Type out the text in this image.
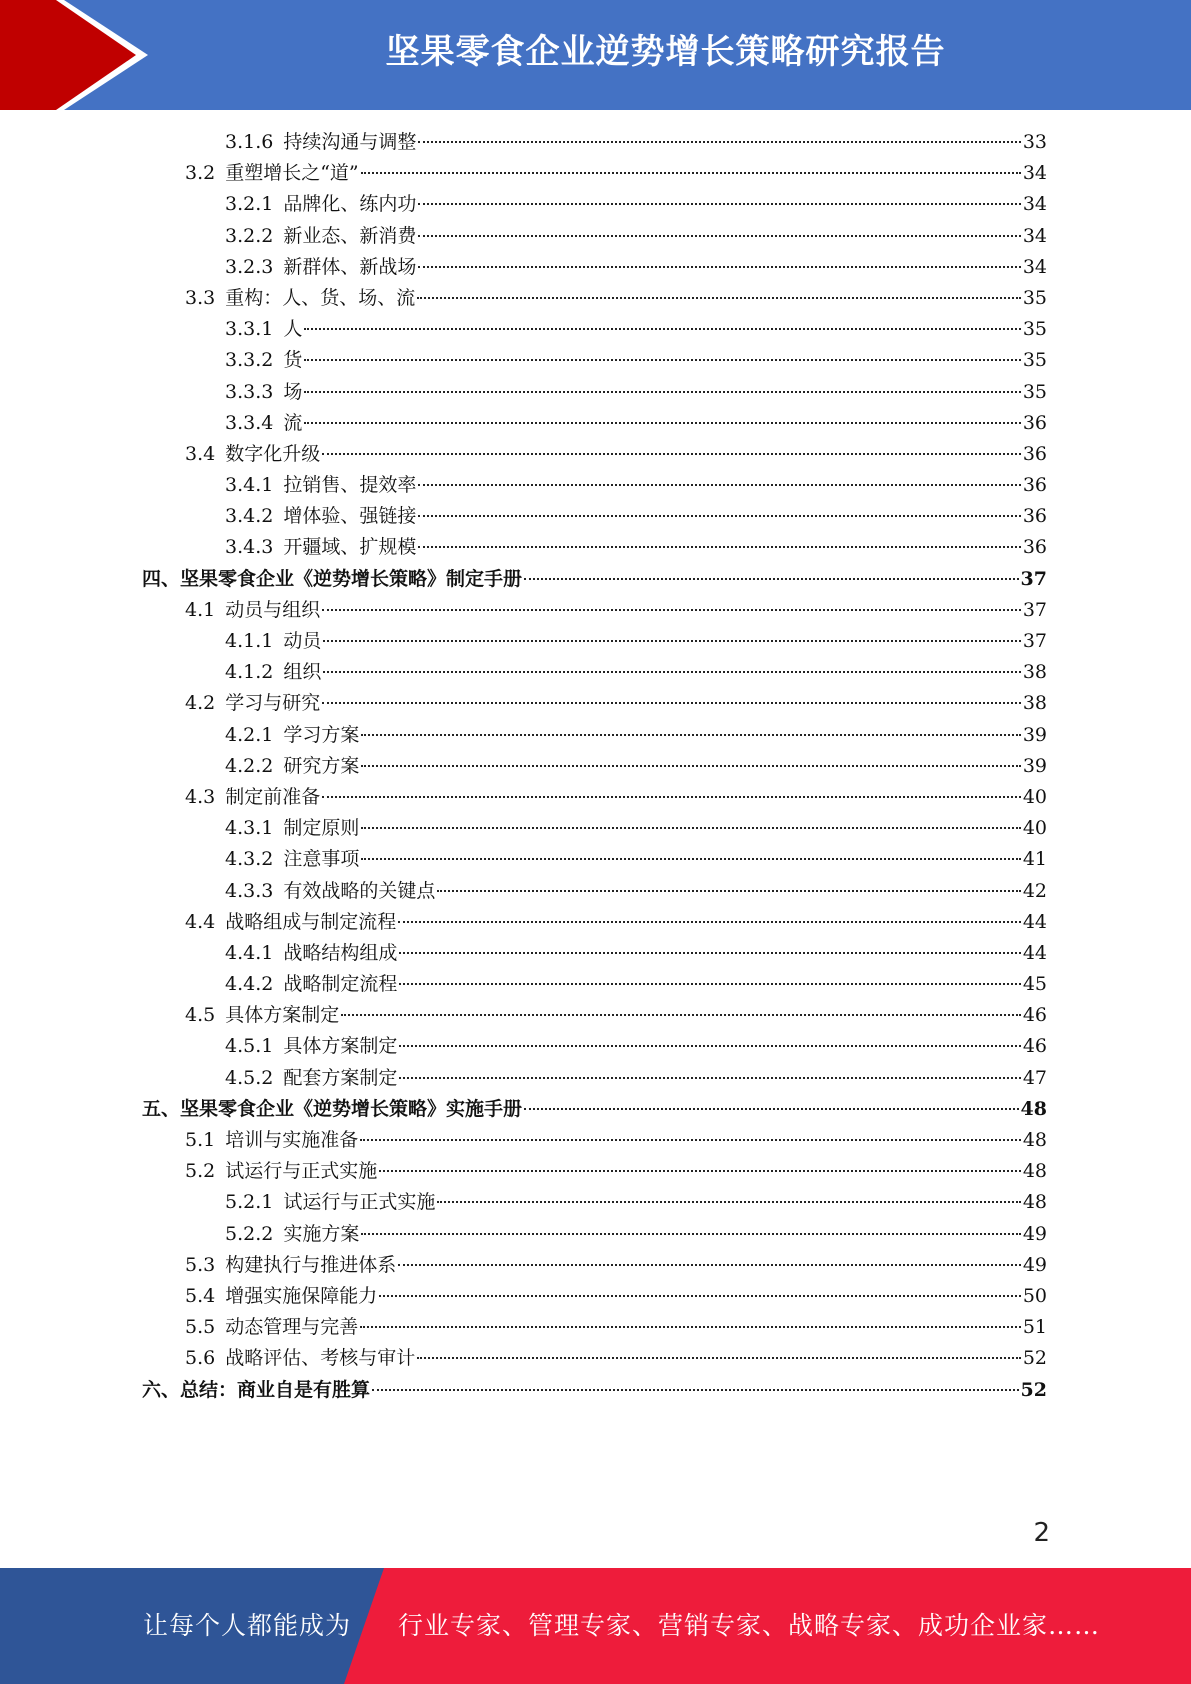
坚果零食企业逆势增长策略研究报告
3.1.6 持续沟通与调整	33
3.2 重塑增长之“道”	34
3.2.1 品牌化、练内功	34
3.2.2 新业态、新消费	34
3.2.3 新群体、新战场	34
3.3 重构：人、货、场、流	35
3.3.1 人	35
3.3.2 货	35
3.3.3 场	35
3.3.4 流	36
3.4 数字化升级	36
3.4.1 拉销售、提效率	36
3.4.2 增体验、强链接	36
3.4.3 开疆域、扩规模	36
四、 坚果零食企业《逆势增长策略》制定手册	37
4.1 动员与组织	37
4.1.1 动员	37
4.1.2 组织	38
4.2 学习与研究	38
4.2.1 学习方案	39
4.2.2 研究方案	39
4.3 制定前准备	40
4.3.1 制定原则	40
4.3.2 注意事项	41
4.3.3 有效战略的关键点	42
4.4 战略组成与制定流程	44
4.4.1 战略结构组成	44
4.4.2 战略制定流程	45
4.5 具体方案制定	46
4.5.1 具体方案制定	46
4.5.2 配套方案制定	47
五、 坚果零食企业《逆势增长策略》实施手册	48
5.1 培训与实施准备	48
5.2 试运行与正式实施	48
5.2.1 试运行与正式实施	48
5.2.2 实施方案	49
5.3 构建执行与推进体系	49
5.4 增强实施保障能力	50
5.5 动态管理与完善	51
5.6 战略评估、考核与审计	52
六、 总结：商业自是有胜算	52
2
让每个人都能成为 行业专家、管理专家、营销专家、战略专家、成功企业家……
